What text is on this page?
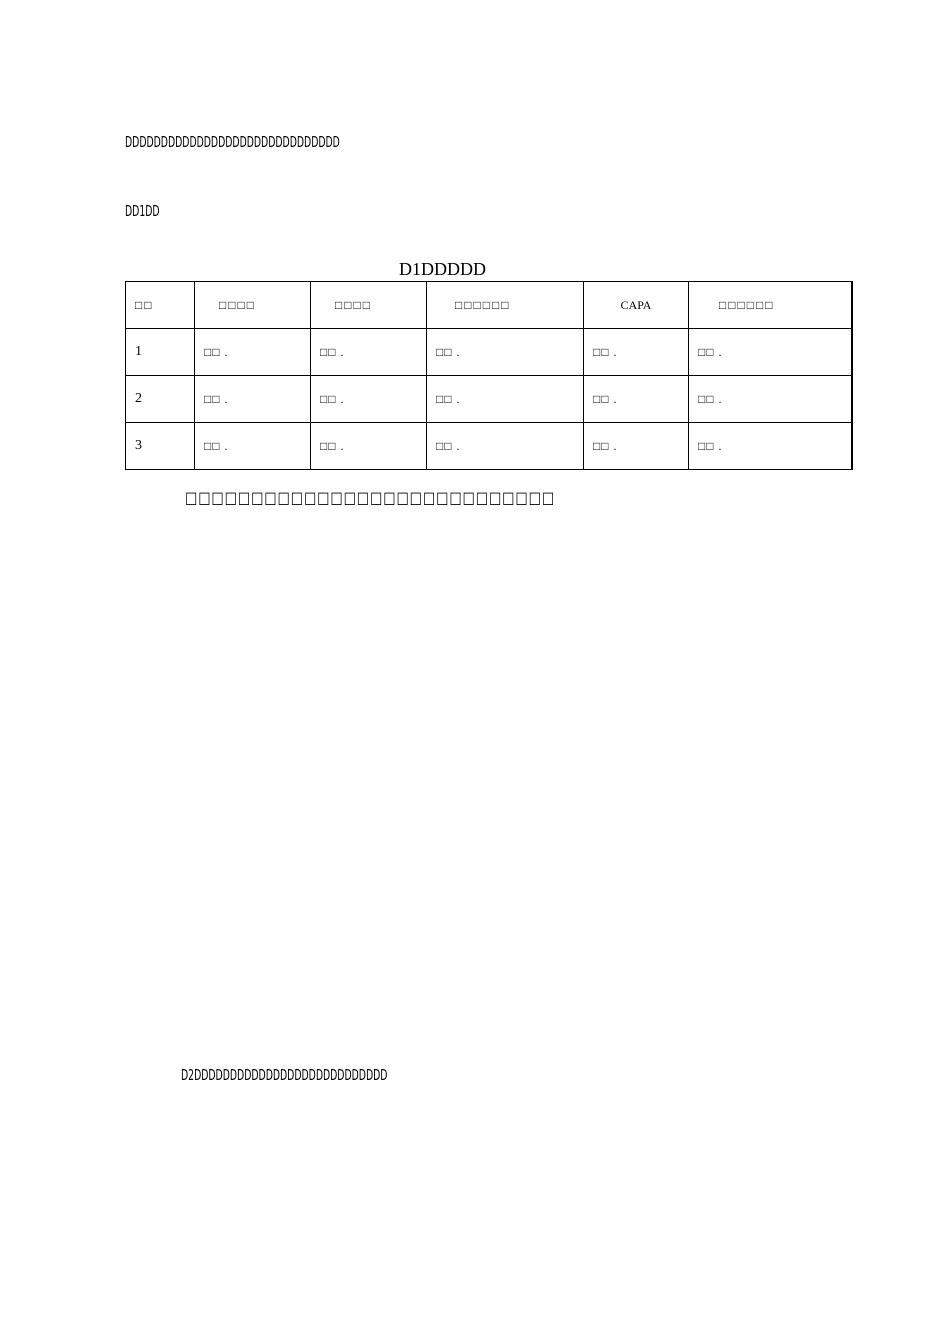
DDDDDDDDDDDDDDDDDDDDDDDDDDDDDD
DD1DD
D1DDDDD
□□	□□□□	□□□□	□□□□□□	CAPA	□□□□□□
1	□□ .	□□ .	□□ .	□□ .	□□ .
2	□□ .	□□ .	□□ .	□□ .	□□ .
3	□□ .	□□ .	□□ .	□□ .	□□ .
□□□□□□□□□□□□□□□□□□□□□□□□□□□□
D2DDDDDDDDDDDDDDDDDDDDDDDDDDD
